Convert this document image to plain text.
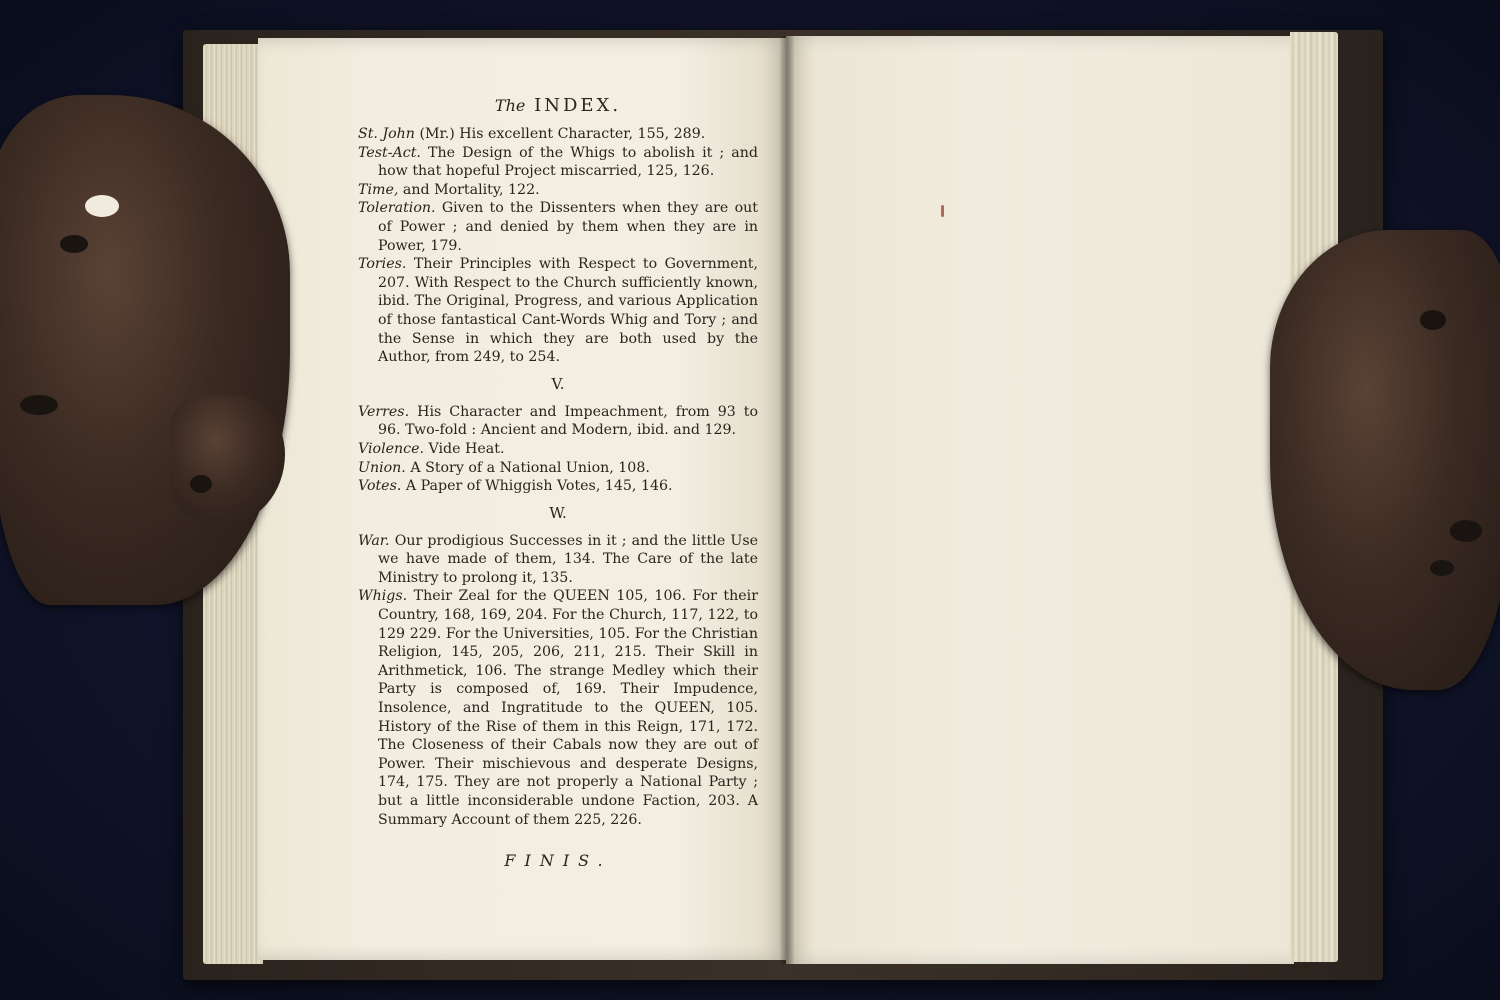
The INDEX.

St. John (Mr.) His excellent Character, 155, 289.

Test-Act. The Design of the Whigs to abolish it ; and how that hopeful Project miscarried, 125, 126.

Time, and Mortality, 122.

Toleration. Given to the Dissenters when they are out of Power ; and denied by them when they are in Power, 179.

Tories. Their Principles with Respect to Government, 207. With Respect to the Church sufficiently known, ibid. The Original, Progress, and various Application of those fantastical Cant-Words Whig and Tory ; and the Sense in which they are both used by the Author, from 249, to 254.

V.

Verres. His Character and Impeachment, from 93 to 96. Two-fold : Ancient and Modern, ibid. and 129.

Violence. Vide Heat.

Union. A Story of a National Union, 108.

Votes. A Paper of Whiggish Votes, 145, 146.

W.

War. Our prodigious Successes in it ; and the little Use we have made of them, 134. The Care of the late Ministry to prolong it, 135.

Whigs. Their Zeal for the QUEEN 105, 106. For their Country, 168, 169, 204. For the Church, 117, 122, to 129 229. For the Universities, 105. For the Christian Religion, 145, 205, 206, 211, 215. Their Skill in Arithmetick, 106. The strange Medley which their Party is composed of, 169. Their Impudence, Insolence, and Ingratitude to the QUEEN, 105. History of the Rise of them in this Reign, 171, 172. The Closeness of their Cabals now they are out of Power. Their mischievous and desperate Designs, 174, 175. They are not properly a National Party ; but a little inconsiderable undone Faction, 203. A Summary Account of them 225, 226.

FINIS.
